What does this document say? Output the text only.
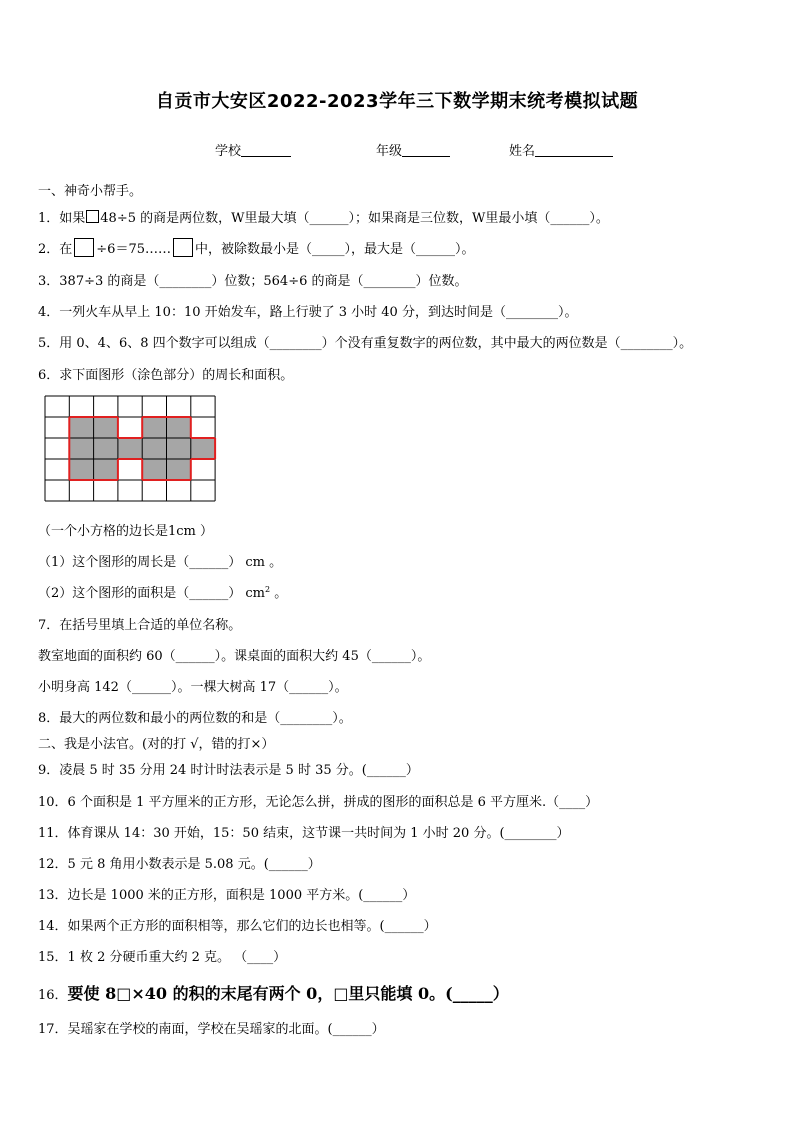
自贡市大安区2022-2023学年三下数学期末统考模拟试题
学校	年级	姓名
一、神奇小帮手。
1．如果 48÷5 的商是两位数，W里最大填（______）；如果商是三位数，W里最小填（______）。
2．在 ÷6＝75…… 中，被除数最小是（_____），最大是（______）。
3．387÷3 的商是（________）位数；564÷6 的商是（________）位数。
4．一列火车从早上 10：10 开始发车，路上行驶了 3 小时 40 分，到达时间是（________）。
5．用 0、4、6、8 四个数字可以组成（________）个没有重复数字的两位数，其中最大的两位数是（________）。
6．求下面图形（涂色部分）的周长和面积。
（一个小方格的边长是1cm ）
（1）这个图形的周长是（______） cm 。
（2）这个图形的面积是（______） $cm^2$ 。
7．在括号里填上合适的单位名称。
教室地面的面积约 60（______）。课桌面的面积大约 45（______）。
小明身高 142（______）。一棵大树高 17（______）。
8．最大的两位数和最小的两位数的和是（________）。
二、我是小法官。(对的打 √，错的打×）
9．凌晨 5 时 35 分用 24 时计时法表示是 5 时 35 分。(______）
10．6 个面积是 1 平方厘米的正方形，无论怎么拼，拼成的图形的面积总是 6 平方厘米.（____）
11．体育课从 14：30 开始，15：50 结束，这节课一共时间为 1 小时 20 分。(________）
12．5 元 8 角用小数表示是 5.08 元。(______）
13．边长是 1000 米的正方形，面积是 1000 平方米。(______）
14．如果两个正方形的面积相等，那么它们的边长也相等。(______）
15．1 枚 2 分硬币重大约 2 克。 （____）
16．要使 8□×40 的积的末尾有两个 0，□里只能填 0。(_____）
17．吴瑶家在学校的南面，学校在吴瑶家的北面。(______）
